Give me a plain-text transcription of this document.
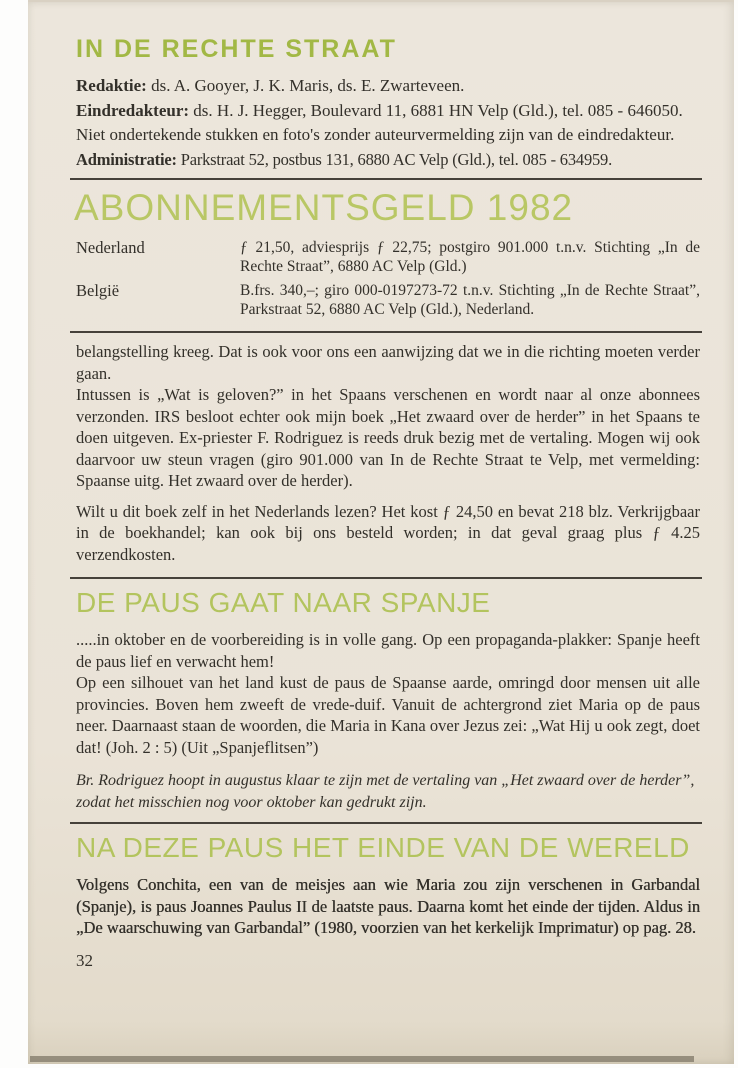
IN DE RECHTE STRAAT

Redaktie: ds. A. Gooyer, J. K. Maris, ds. E. Zwarteveen.

Eindredakteur: ds. H. J. Hegger, Boulevard 11, 6881 HN Velp (Gld.), tel. 085 - 646050.

Niet ondertekende stukken en foto's zonder auteurvermelding zijn van de eindredakteur.

Administratie: Parkstraat 52, postbus 131, 6880 AC Velp (Gld.), tel. 085 - 634959.

ABONNEMENTSGELD 1982
Nederland	ƒ 21,50, adviesprijs ƒ 22,75; postgiro 901.000 t.n.v. Stichting „In de Rechte Straat”, 6880 AC Velp (Gld.)
België	B.frs. 340,–; giro 000-0197273-72 t.n.v. Stichting „In de Rechte Straat”, Parkstraat 52, 6880 AC Velp (Gld.), Nederland.

belangstelling kreeg. Dat is ook voor ons een aanwijzing dat we in die richting moeten verder gaan.

Intussen is „Wat is geloven?” in het Spaans verschenen en wordt naar al onze abonnees verzonden. IRS besloot echter ook mijn boek „Het zwaard over de herder” in het Spaans te doen uitgeven. Ex-priester F. Rodriguez is reeds druk bezig met de vertaling. Mogen wij ook daarvoor uw steun vragen (giro 901.000 van In de Rechte Straat te Velp, met vermelding: Spaanse uitg. Het zwaard over de herder).

Wilt u dit boek zelf in het Nederlands lezen? Het kost ƒ 24,50 en bevat 218 blz. Verkrijgbaar in de boekhandel; kan ook bij ons besteld worden; in dat geval graag plus ƒ 4.25 verzendkosten.

DE PAUS GAAT NAAR SPANJE

.....in oktober en de voorbereiding is in volle gang. Op een propaganda-plakker: Spanje heeft de paus lief en verwacht hem!

Op een silhouet van het land kust de paus de Spaanse aarde, omringd door mensen uit alle provincies. Boven hem zweeft de vrede-duif. Vanuit de achtergrond ziet Maria op de paus neer. Daarnaast staan de woorden, die Maria in Kana over Jezus zei: „Wat Hij u ook zegt, doet dat! (Joh. 2 : 5) (Uit „Spanjeflitsen”)

Br. Rodriguez hoopt in augustus klaar te zijn met de vertaling van „Het zwaard over de herder”, zodat het misschien nog voor oktober kan gedrukt zijn.

NA DEZE PAUS HET EINDE VAN DE WERELD

Volgens Conchita, een van de meisjes aan wie Maria zou zijn verschenen in Garbandal (Spanje), is paus Joannes Paulus II de laatste paus. Daarna komt het einde der tijden. Aldus in „De waarschuwing van Garbandal” (1980, voorzien van het kerkelijk Imprimatur) op pag. 28.

32
